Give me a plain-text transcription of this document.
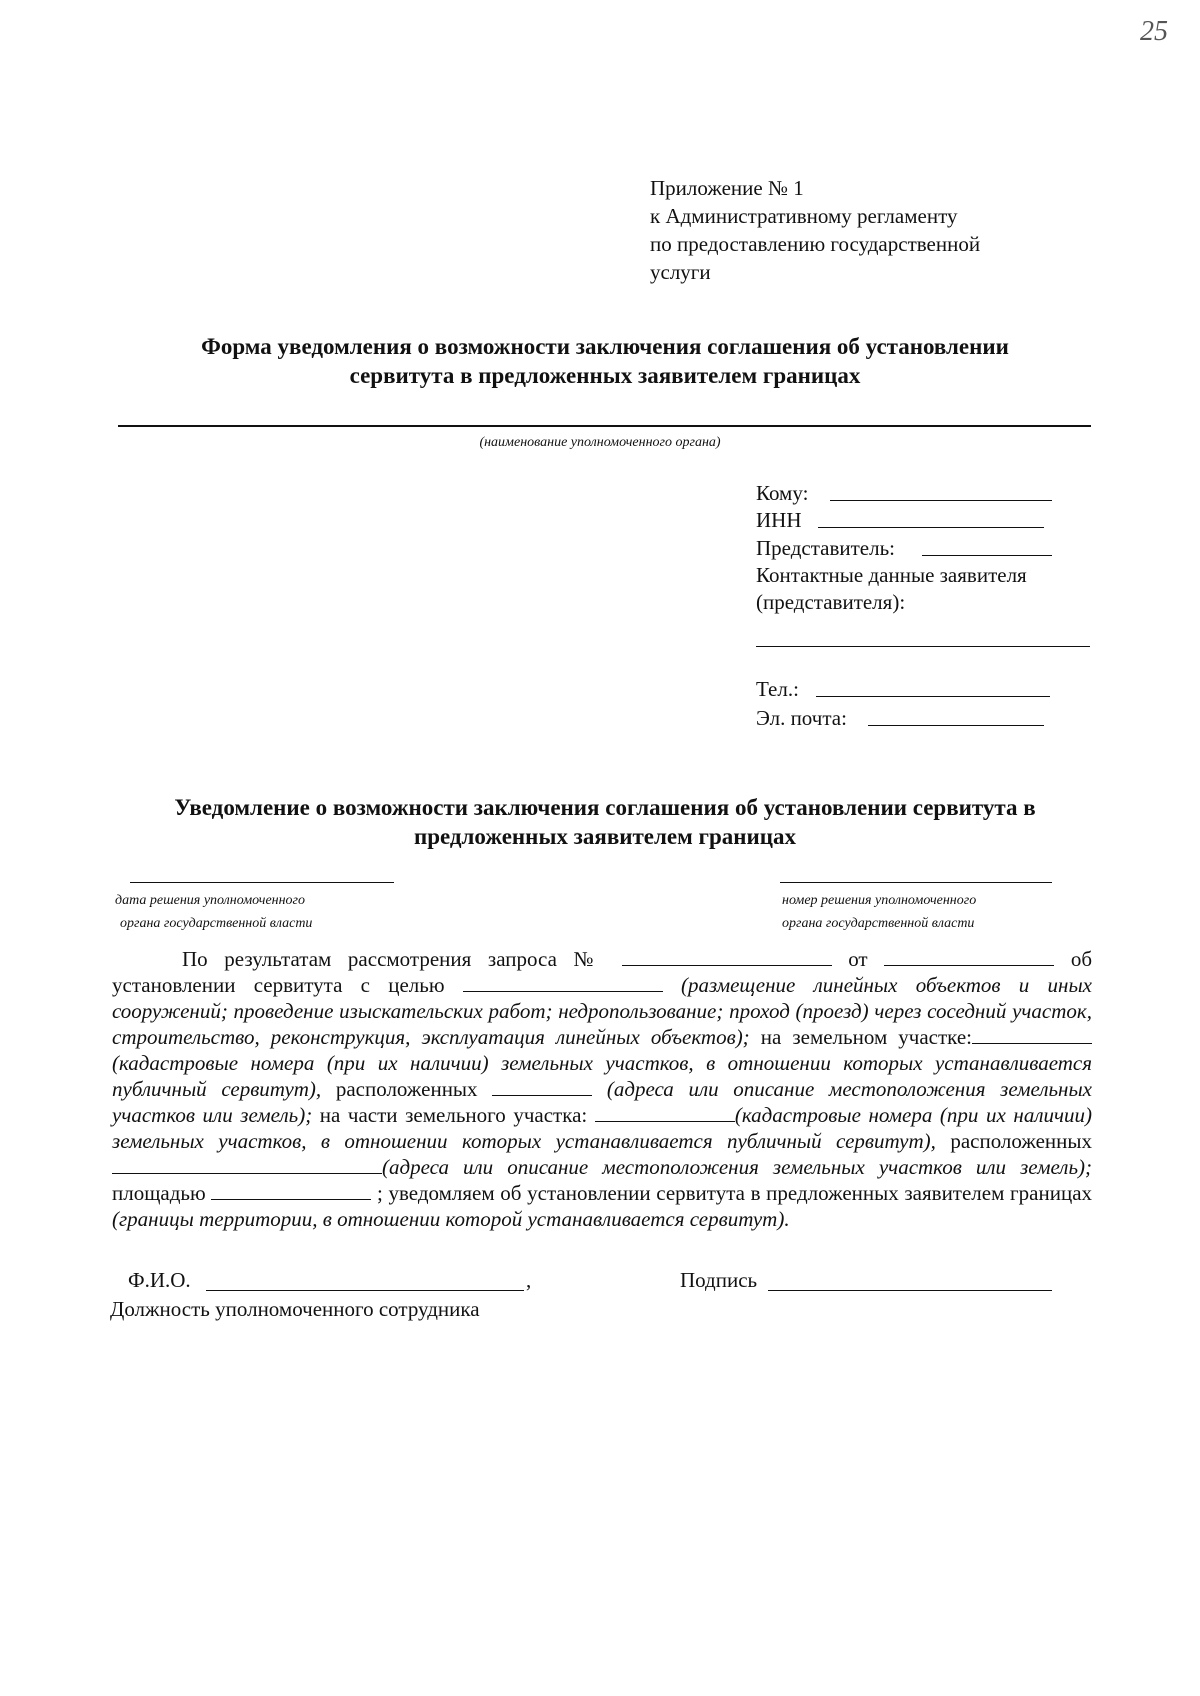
25
Приложение № 1
к Административному регламенту
по предоставлению государственной
услуги
Форма уведомления о возможности заключения соглашения об установлении
сервитута в предложенных заявителем границах
(наименование уполномоченного органа)
Кому:
ИНН
Представитель:
Контактные данные заявителя
(представителя):
Тел.:
Эл. почта:
Уведомление о возможности заключения соглашения об установлении сервитута в
предложенных заявителем границах
дата решения уполномоченного
органа государственной власти
номер решения уполномоченного
органа государственной власти

По результатам рассмотрения запроса №	от	об установлении сервитута с целью	(размещение линейных объектов и иных сооружений; проведение изыскательских работ; недропользование; проход (проезд) через соседний участок, строительство, реконструкция, эксплуатация линейных объектов); на земельном участке: (кадастровые номера (при их наличии) земельных участков, в отношении которых устанавливается публичный сервитут), расположенных	(адреса или описание местоположения земельных участков или земель); на части земельного участка:	(кадастровые номера (при их наличии) земельных участков, в отношении которых устанавливается публичный сервитут), расположенных (адреса или описание местоположения земельных участков или земель); площадью	; уведомляем об установлении сервитута в предложенных заявителем границах (границы территории, в отношении которой устанавливается сервитут).

Ф.И.О.	,	Подпись
Должность уполномоченного сотрудника
